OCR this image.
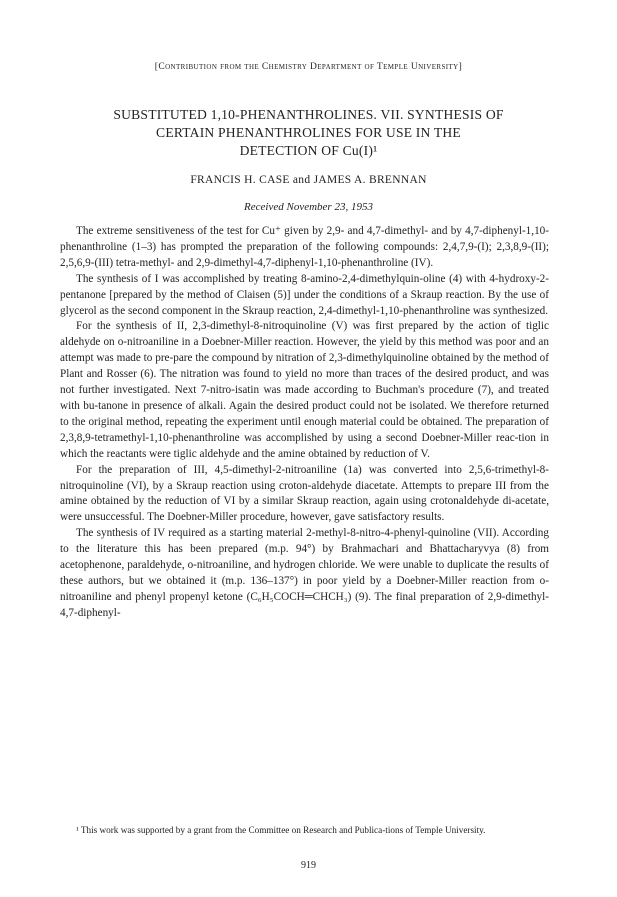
[Contribution from the Chemistry Department of Temple University]
SUBSTITUTED 1,10-PHENANTHROLINES. VII. SYNTHESIS OF
CERTAIN PHENANTHROLINES FOR USE IN THE
DETECTION OF Cu(I)¹
FRANCIS H. CASE and JAMES A. BRENNAN
Received November 23, 1953

The extreme sensitiveness of the test for Cu⁺ given by 2,9- and 4,7-dimethyl- and by 4,7-diphenyl-1,10-phenanthroline (1–3) has prompted the preparation of the following compounds: 2,4,7,9-(I); 2,3,8,9-(II); 2,5,6,9-(III) tetra-methyl- and 2,9-dimethyl-4,7-diphenyl-1,10-phenanthroline (IV).

The synthesis of I was accomplished by treating 8-amino-2,4-dimethylquin-oline (4) with 4-hydroxy-2-pentanone [prepared by the method of Claisen (5)] under the conditions of a Skraup reaction. By the use of glycerol as the second component in the Skraup reaction, 2,4-dimethyl-1,10-phenanthroline was synthesized.

For the synthesis of II, 2,3-dimethyl-8-nitroquinoline (V) was first prepared by the action of tiglic aldehyde on o-nitroaniline in a Doebner-Miller reaction. However, the yield by this method was poor and an attempt was made to pre-pare the compound by nitration of 2,3-dimethylquinoline obtained by the method of Plant and Rosser (6). The nitration was found to yield no more than traces of the desired product, and was not further investigated. Next 7-nitro-isatin was made according to Buchman's procedure (7), and treated with bu-tanone in presence of alkali. Again the desired product could not be isolated. We therefore returned to the original method, repeating the experiment until enough material could be obtained. The preparation of 2,3,8,9-tetramethyl-1,10-phenanthroline was accomplished by using a second Doebner-Miller reac-tion in which the reactants were tiglic aldehyde and the amine obtained by reduction of V.

For the preparation of III, 4,5-dimethyl-2-nitroaniline (1a) was converted into 2,5,6-trimethyl-8-nitroquinoline (VI), by a Skraup reaction using croton-aldehyde diacetate. Attempts to prepare III from the amine obtained by the reduction of VI by a similar Skraup reaction, again using crotonaldehyde di-acetate, were unsuccessful. The Doebner-Miller procedure, however, gave satisfactory results.

The synthesis of IV required as a starting material 2-methyl-8-nitro-4-phenyl-quinoline (VII). According to the literature this has been prepared (m.p. 94°) by Brahmachari and Bhattacharyvya (8) from acetophenone, paraldehyde, o-nitroaniline, and hydrogen chloride. We were unable to duplicate the results of these authors, but we obtained it (m.p. 136–137°) in poor yield by a Doebner-Miller reaction from o-nitroaniline and phenyl propenyl ketone (C₆H₅COCH═CHCH₃) (9). The final preparation of 2,9-dimethyl-4,7-diphenyl-

¹ This work was supported by a grant from the Committee on Research and Publica-tions of Temple University.
919
